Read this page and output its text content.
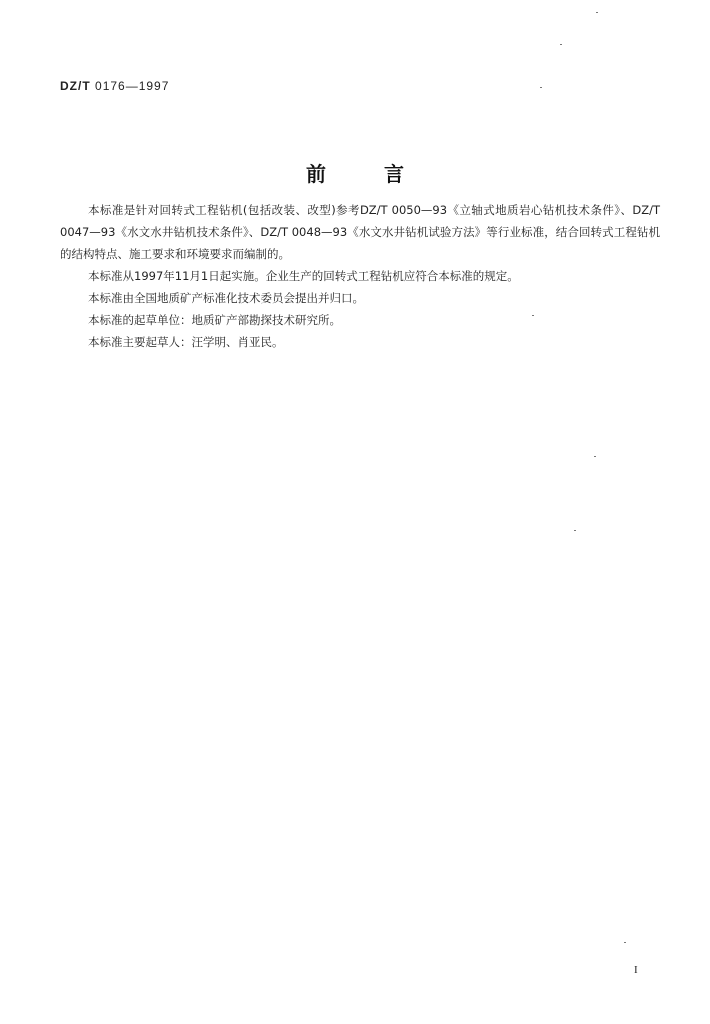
DZ/T 0176—1997
前言

本标准是针对回转式工程钻机(包括改装、改型)参考DZ/T 0050—93《立轴式地质岩心钻机技术条件》、DZ/T 0047—93《水文水井钻机技术条件》、DZ/T 0048—93《水文水井钻机试验方法》等行业标准，结合回转式工程钻机的结构特点、施工要求和环境要求而编制的。

本标准从1997年11月1日起实施。企业生产的回转式工程钻机应符合本标准的规定。

本标准由全国地质矿产标准化技术委员会提出并归口。

本标准的起草单位：地质矿产部勘探技术研究所。

本标准主要起草人：汪学明、肖亚民。

I
